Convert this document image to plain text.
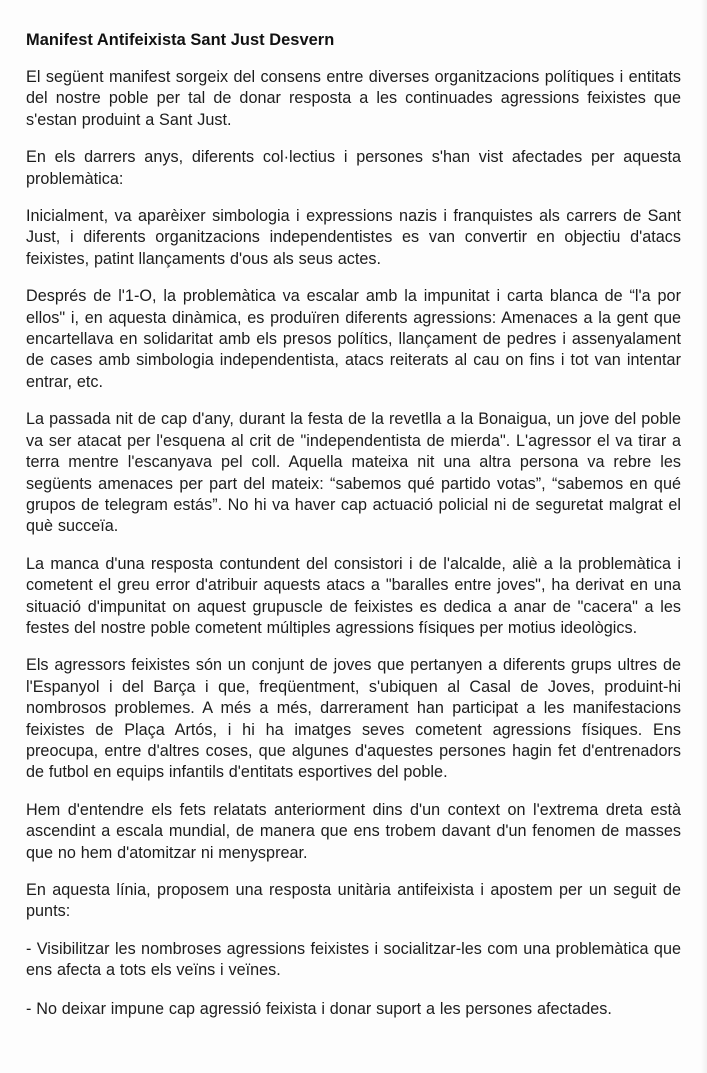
Manifest Antifeixista Sant Just Desvern

El següent manifest sorgeix del consens entre diverses organitzacions polítiques i entitats del nostre poble per tal de donar resposta a les continuades agressions feixistes que s'estan produint a Sant Just.

En els darrers anys, diferents col·lectius i persones s'han vist afectades per aquesta problemàtica:

Inicialment, va aparèixer simbologia i expressions nazis i franquistes als carrers de Sant Just, i diferents organitzacions independentistes es van convertir en objectiu d'atacs feixistes, patint llançaments d'ous als seus actes.

Després de l'1-O, la problemàtica va escalar amb la impunitat i carta blanca de “l'a por ellos" i, en aquesta dinàmica, es produïren diferents agressions: Amenaces a la gent que encartellava en solidaritat amb els presos polítics, llançament de pedres i assenyalament de cases amb simbologia independentista, atacs reiterats al cau on fins i tot van intentar entrar, etc.

La passada nit de cap d'any, durant la festa de la revetlla a la Bonaigua, un jove del poble va ser atacat per l'esquena al crit de "independentista de mierda". L'agressor el va tirar a terra mentre l'escanyava pel coll. Aquella mateixa nit una altra persona va rebre les següents amenaces per part del mateix: “sabemos qué partido votas”, “sabemos en qué grupos de telegram estás”. No hi va haver cap actuació policial ni de seguretat malgrat el què succeïa.

La manca d'una resposta contundent del consistori i de l'alcalde, aliè a la problemàtica i cometent el greu error d'atribuir aquests atacs a "baralles entre joves", ha derivat en una situació d'impunitat on aquest grupuscle de feixistes es dedica a anar de "cacera" a les festes del nostre poble cometent múltiples agressions físiques per motius ideològics.

Els agressors feixistes són un conjunt de joves que pertanyen a diferents grups ultres de l'Espanyol i del Barça i que, freqüentment, s'ubiquen al Casal de Joves, produint-hi nombrosos problemes. A més a més, darrerament han participat a les manifestacions feixistes de Plaça Artós, i hi ha imatges seves cometent agressions físiques. Ens preocupa, entre d'altres coses, que algunes d'aquestes persones hagin fet d'entrenadors de futbol en equips infantils d'entitats esportives del poble.

Hem d'entendre els fets relatats anteriorment dins d'un context on l'extrema dreta està ascendint a escala mundial, de manera que ens trobem davant d'un fenomen de masses que no hem d'atomitzar ni menysprear.

En aquesta línia, proposem una resposta unitària antifeixista i apostem per un seguit de punts:

- Visibilitzar les nombroses agressions feixistes i socialitzar-les com una problemàtica que ens afecta a tots els veïns i veïnes.

- No deixar impune cap agressió feixista i donar suport a les persones afectades.
